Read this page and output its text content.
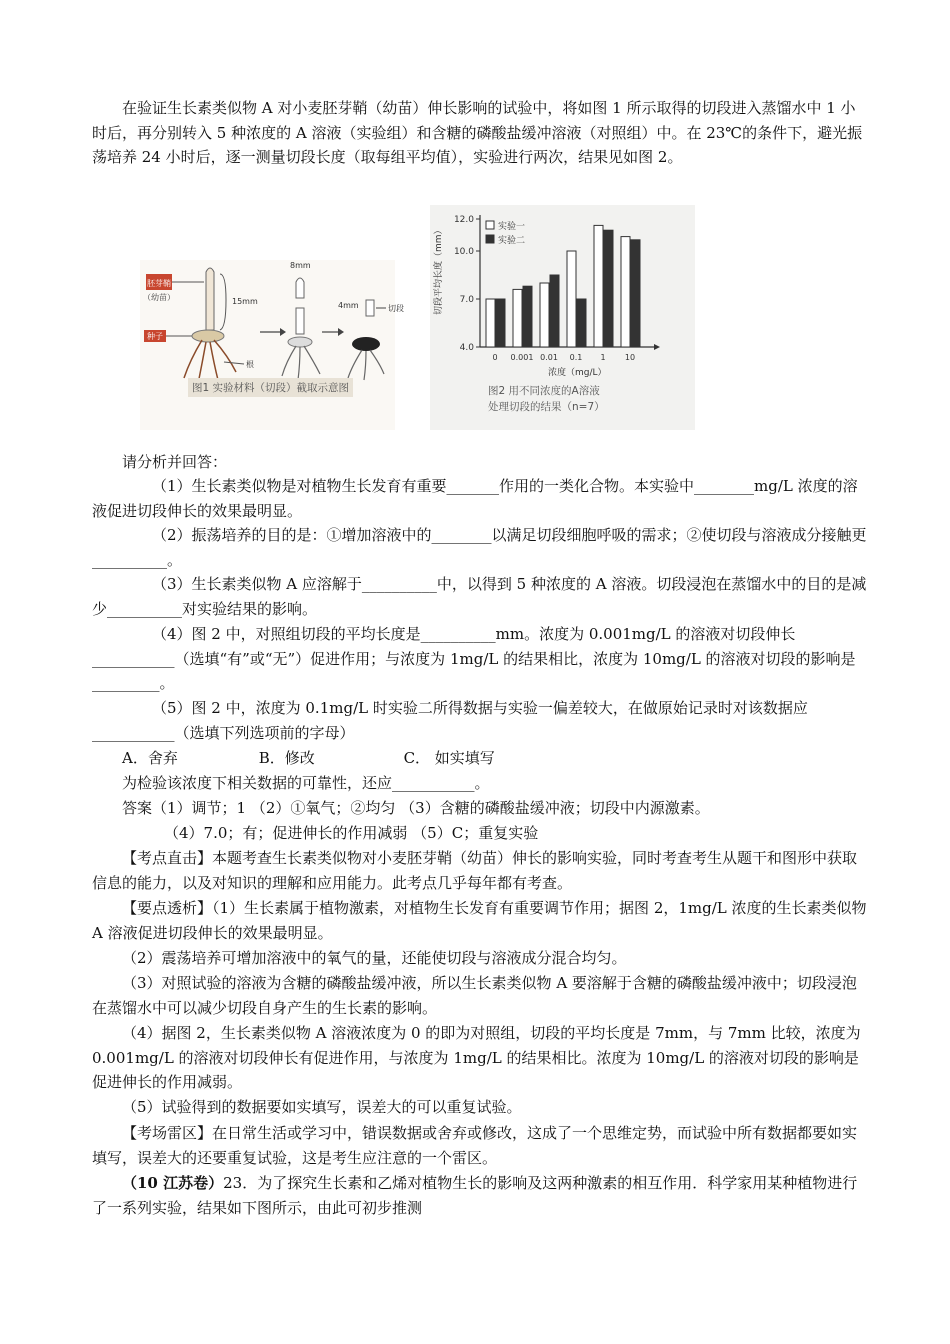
在验证生长素类似物 A 对小麦胚芽鞘（幼苗）伸长影响的试验中，将如图 1 所示取得的切段进入蒸馏水中 1 小时后，再分别转入 5 种浓度的 A 溶液（实验组）和含糖的磷酸盐缓冲溶液（对照组）中。在 23℃的条件下，避光振荡培养 24 小时后，逐一测量切段长度（取每组平均值），实验进行两次，结果见如图 2。

胚芽鞘
（幼苗）	15mm
种子
根
8mm
4mm	切段
图1 实验材料（切段）截取示意图
切段平均长度（mm）
4.0
7.0
10.0
12.0
0 0.001 0.01 0.1 1 10
实验一
实验二
浓度（mg/L）
图2 用不同浓度的A溶液
处理切段的结果（n=7）

请分析并回答：

（1）生长素类似物是对植物生长发育有重要_______作用的一类化合物。本实验中________mg/L 浓度的溶液促进切段伸长的效果最明显。

（2）振荡培养的目的是：①增加溶液中的________以满足切段细胞呼吸的需求；②使切段与溶液成分接触更__________。

（3）生长素类似物 A 应溶解于__________中，以得到 5 种浓度的 A 溶液。切段浸泡在蒸馏水中的目的是减少__________对实验结果的影响。

（4）图 2 中，对照组切段的平均长度是__________mm。浓度为 0.001mg/L 的溶液对切段伸长___________（选填“有”或“无”）促进作用；与浓度为 1mg/L 的结果相比，浓度为 10mg/L 的溶液对切段的影响是_________。

（5）图 2 中，浓度为 0.1mg/L 时实验二所得数据与实验一偏差较大，在做原始记录时对该数据应___________（选填下列选项前的字母）

A．舍弃	B．修改	C． 如实填写

为检验该浓度下相关数据的可靠性，还应___________。

答案（1）调节；1 （2）①氧气；②均匀 （3）含糖的磷酸盐缓冲液；切段中内源激素。

（4）7.0；有；促进伸长的作用减弱 （5）C；重复实验

【考点直击】本题考查生长素类似物对小麦胚芽鞘（幼苗）伸长的影响实验，同时考查考生从题干和图形中获取信息的能力，以及对知识的理解和应用能力。此考点几乎每年都有考查。

【要点透析】（1）生长素属于植物激素，对植物生长发育有重要调节作用；据图 2，1mg/L 浓度的生长素类似物 A 溶液促进切段伸长的效果最明显。

（2）震荡培养可增加溶液中的氧气的量，还能使切段与溶液成分混合均匀。

（3）对照试验的溶液为含糖的磷酸盐缓冲液，所以生长素类似物 A 要溶解于含糖的磷酸盐缓冲液中；切段浸泡在蒸馏水中可以减少切段自身产生的生长素的影响。

（4）据图 2，生长素类似物 A 溶液浓度为 0 的即为对照组，切段的平均长度是 7mm，与 7mm 比较，浓度为 0.001mg/L 的溶液对切段伸长有促进作用，与浓度为 1mg/L 的结果相比。浓度为 10mg/L 的溶液对切段的影响是促进伸长的作用减弱。

（5）试验得到的数据要如实填写，误差大的可以重复试验。

【考场雷区】在日常生活或学习中，错误数据或舍弃或修改，这成了一个思维定势，而试验中所有数据都要如实填写，误差大的还要重复试验，这是考生应注意的一个雷区。

（10 江苏卷）23．为了探究生长素和乙烯对植物生长的影响及这两种激素的相互作用．科学家用某种植物进行了一系列实验，结果如下图所示，由此可初步推测
